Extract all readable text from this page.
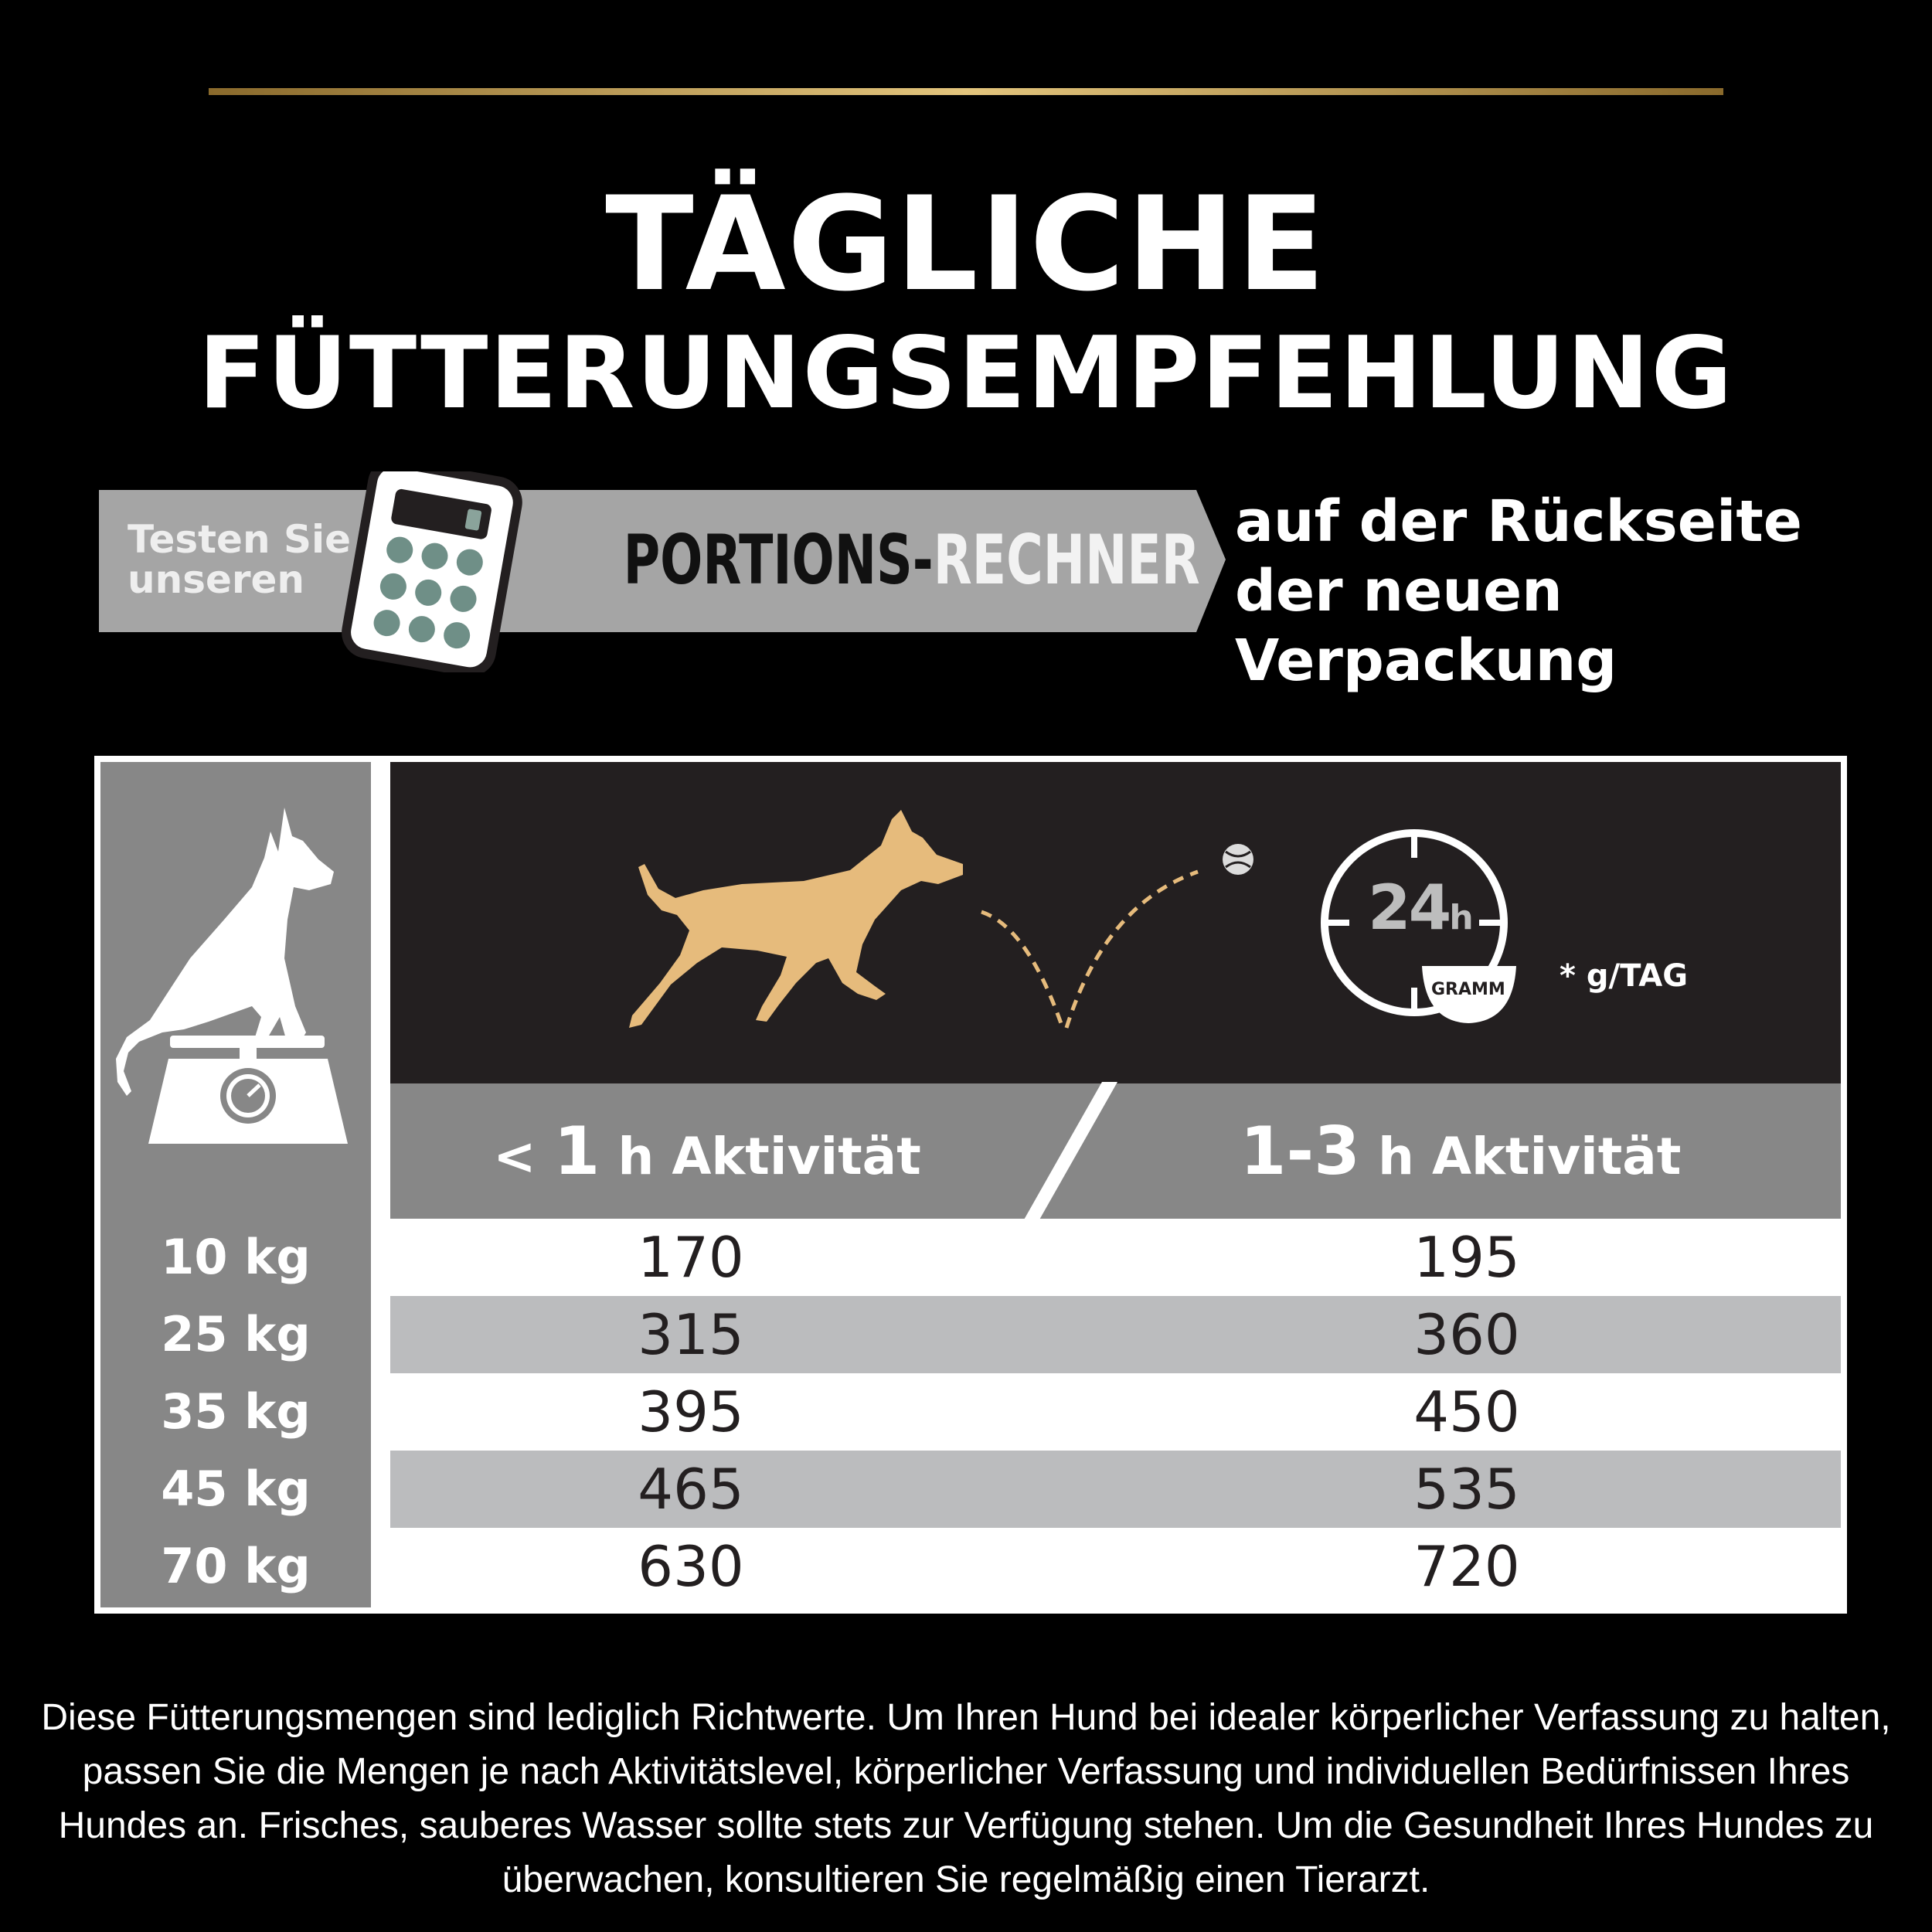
TÄGLICHE
FÜTTERUNGSEMPFEHLUNG
Testen Sie unseren	PORTIONS-RECHNER auf der Rückseite der neuen Verpackung
24h
GRAMM * g/TAG
< 1 h Aktivität	1-3 h Aktivität
10 kg	170	195
25 kg	315	360
35 kg	395	450
45 kg	465	535
70 kg	630	720
Diese Fütterungsmengen sind lediglich Richtwerte. Um Ihren Hund bei idealer körperlicher Verfassung zu halten, passen Sie die Mengen je nach Aktivitätslevel, körperlicher Verfassung und individuellen Bedürfnissen Ihres Hundes an. Frisches, sauberes Wasser sollte stets zur Verfügung stehen. Um die Gesundheit Ihres Hundes zu überwachen, konsultieren Sie regelmäßig einen Tierarzt.
